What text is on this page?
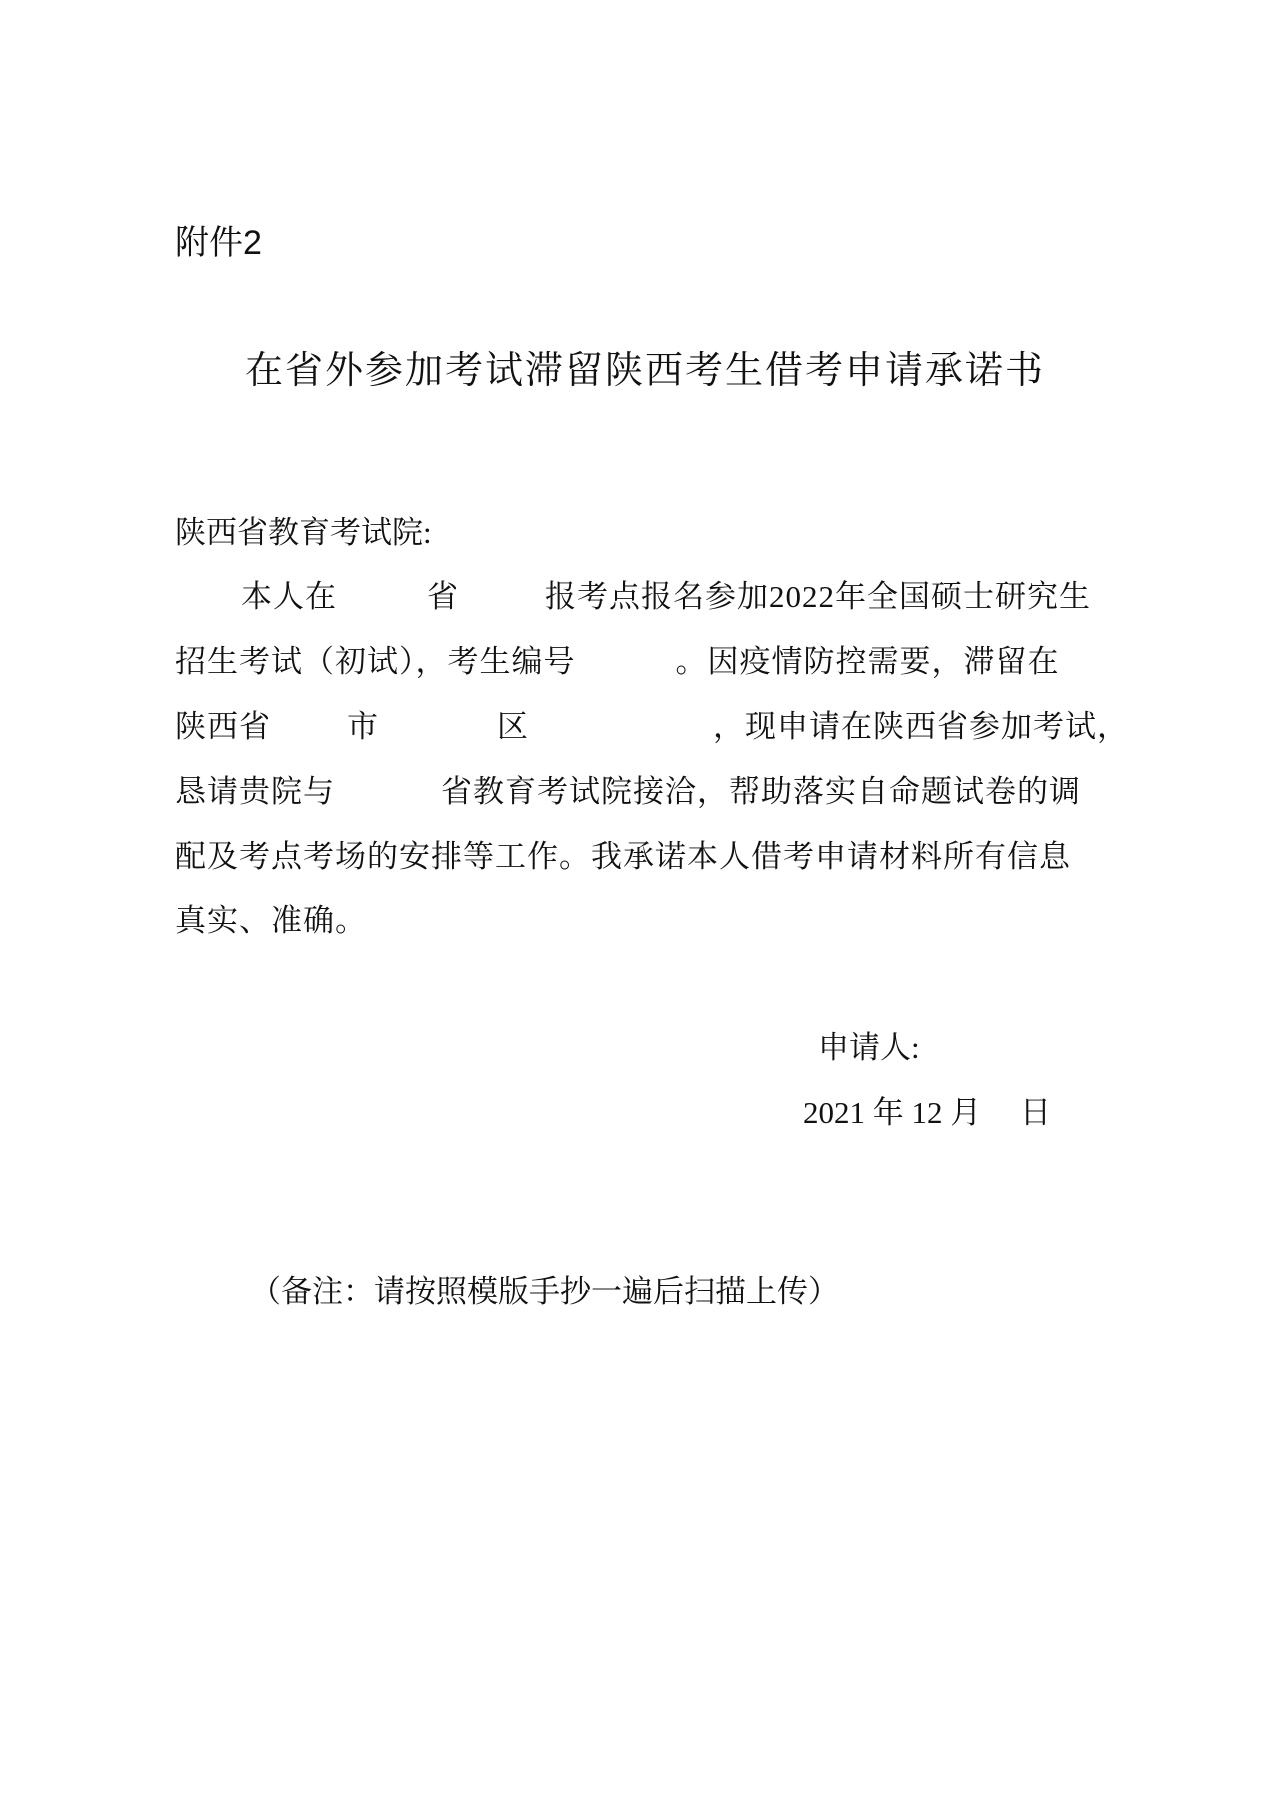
附件2
在省外参加考试滞留陕西考生借考申请承诺书
陕西省教育考试院:
本人在	省	报考点报名参加2022年全国硕士研究生
招生考试（初试），考生编号	。因疫情防控需要，滞留在
陕西省 市	区	，现申请在陕西省参加考试，
恳请贵院与	省教育考试院接洽，帮助落实自命题试卷的调
配及考点考场的安排等工作。我承诺本人借考申请材料所有信息
真实、准确。
申请人:
2021 年 12 月　 日
（备注：请按照模版手抄一遍后扫描上传）
